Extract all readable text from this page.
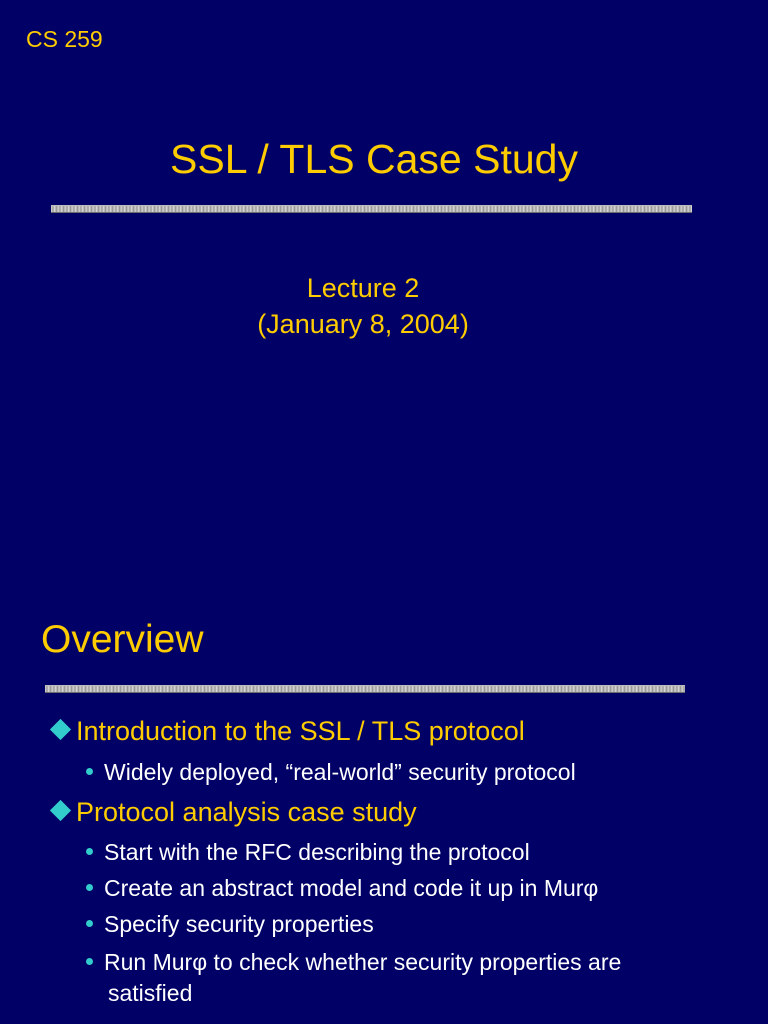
CS 259
SSL / TLS Case Study
Lecture 2
(January 8, 2004)
Overview
Introduction to the SSL / TLS protocol
Widely deployed, “real-world” security protocol
Protocol analysis case study
Start with the RFC describing the protocol
Create an abstract model and code it up in Murφ
Specify security properties
Run Murφ to check whether security properties are
satisfied
